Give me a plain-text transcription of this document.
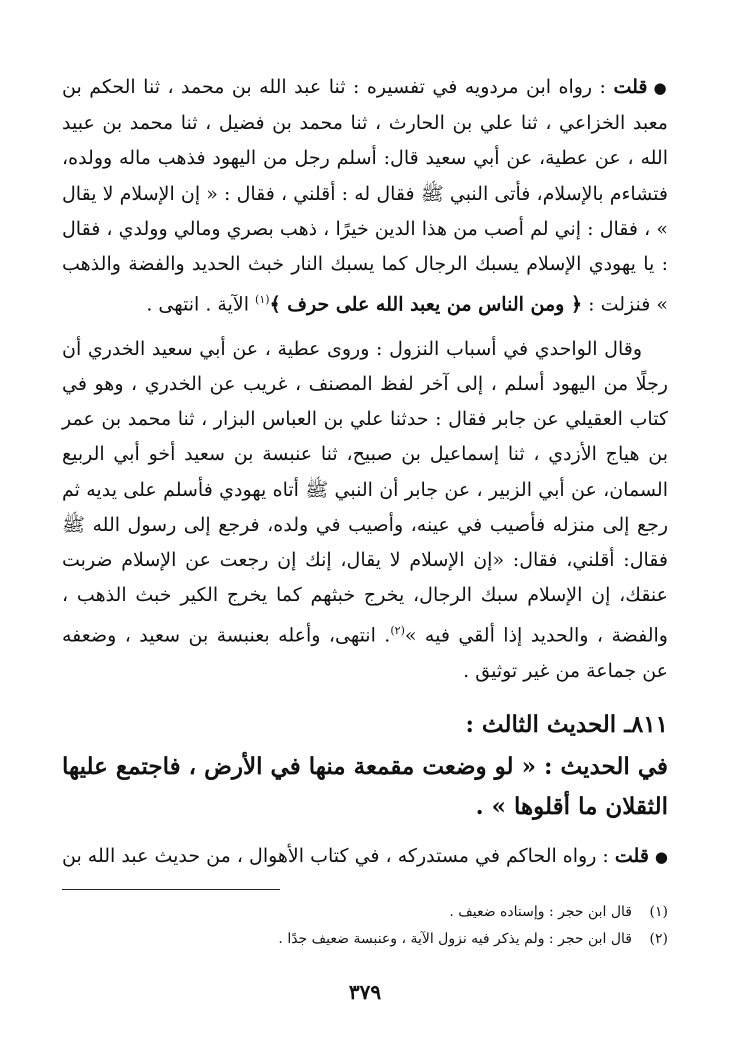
●قلت : رواه ابن مردويه في تفسيره : ثنا عبد الله بن محمد ، ثنا الحكم بن معبد الخزاعي ، ثنا علي بن الحارث ، ثنا محمد بن فضيل ، ثنا محمد بن عبيد الله ، عن عطية، عن أبي سعيد قال: أسلم رجل من اليهود فذهب ماله وولده، فتشاءم بالإسلام، فأتى النبي ﷺ فقال له : أقلني ، فقال : « إن الإسلام لا يقال » ، فقال : إني لم أصب من هذا الدين خيرًا ، ذهب بصري ومالي وولدي ، فقال : يا يهودي الإسلام يسبك الرجال كما يسبك النار خبث الحديد والفضة والذهب » فنزلت : ﴿ ومن الناس من يعبد الله على حرف ﴾$^{(١)}$ الآية . انتهى .

وقال الواحدي في أسباب النزول : وروى عطية ، عن أبي سعيد الخدري أن رجلًا من اليهود أسلم ، إلى آخر لفظ المصنف ، غريب عن الخدري ، وهو في كتاب العقيلي عن جابر فقال : حدثنا علي بن العباس البزار ، ثنا محمد بن عمر بن هياج الأزدي ، ثنا إسماعيل بن صبيح، ثنا عنبسة بن سعيد أخو أبي الربيع السمان، عن أبي الزبير ، عن جابر أن النبي ﷺ أتاه يهودي فأسلم على يديه ثم رجع إلى منزله فأصيب في عينه، وأصيب في ولده، فرجع إلى رسول الله ﷺ فقال: أقلني، فقال: «إن الإسلام لا يقال، إنك إن رجعت عن الإسلام ضربت عنقك، إن الإسلام سبك الرجال، يخرج خبثهم كما يخرج الكير خبث الذهب ، والفضة ، والحديد إذا ألقي فيه »$^{(٢)}$. انتهى، وأعله بعنبسة بن سعيد ، وضعفه عن جماعة من غير توثيق .

٨١١ـ الحديث الثالث :
في الحديث : « لو وضعت مقمعة منها في الأرض ، فاجتمع عليها الثقلان ما أقلوها » .

●قلت : رواه الحاكم في مستدركه ، في كتاب الأهوال ، من حديث عبد الله بن

(١)
قال ابن حجر : وإسناده ضعيف .
(٢)
قال ابن حجر : ولم يذكر فيه نزول الآية ، وعنبسة ضعيف جدًا .
٣٧٩
